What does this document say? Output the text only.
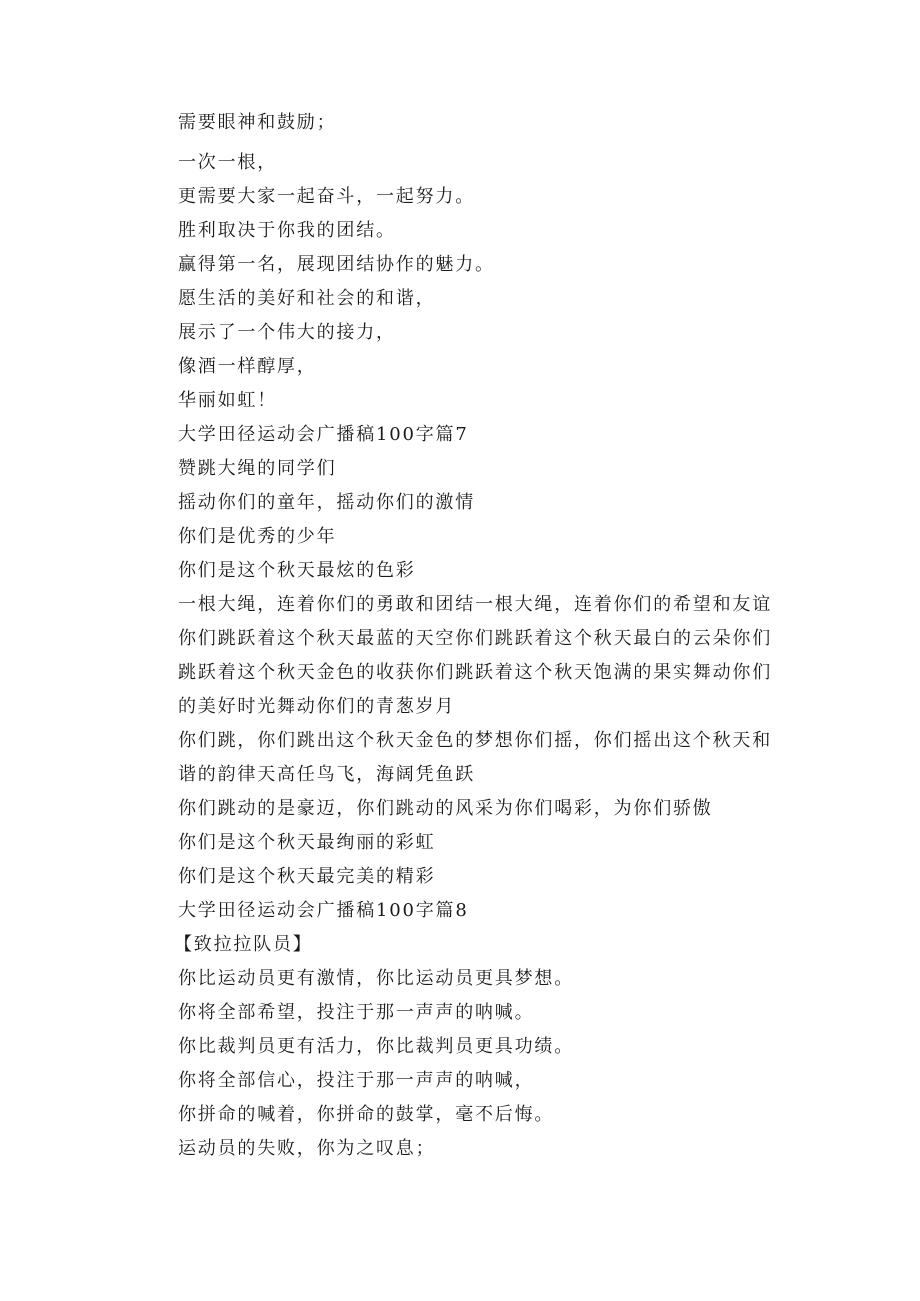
需要眼神和鼓励；
一次一根，
更需要大家一起奋斗，一起努力。
胜利取决于你我的团结。
赢得第一名，展现团结协作的魅力。
愿生活的美好和社会的和谐，
展示了一个伟大的接力，
像酒一样醇厚，
华丽如虹！
大学田径运动会广播稿100字篇7
赞跳大绳的同学们
摇动你们的童年，摇动你们的激情
你们是优秀的少年
你们是这个秋天最炫的色彩
一根大绳，连着你们的勇敢和团结一根大绳，连着你们的希望和友谊
你们跳跃着这个秋天最蓝的天空你们跳跃着这个秋天最白的云朵你们
跳跃着这个秋天金色的收获你们跳跃着这个秋天饱满的果实舞动你们
的美好时光舞动你们的青葱岁月
你们跳，你们跳出这个秋天金色的梦想你们摇，你们摇出这个秋天和
谐的韵律天高任鸟飞，海阔凭鱼跃
你们跳动的是豪迈，你们跳动的风采为你们喝彩，为你们骄傲
你们是这个秋天最绚丽的彩虹
你们是这个秋天最完美的精彩
大学田径运动会广播稿100字篇8
【致拉拉队员】
你比运动员更有激情，你比运动员更具梦想。
你将全部希望，投注于那一声声的呐喊。
你比裁判员更有活力，你比裁判员更具功绩。
你将全部信心，投注于那一声声的呐喊，
你拼命的喊着，你拼命的鼓掌，毫不后悔。
运动员的失败，你为之叹息；
